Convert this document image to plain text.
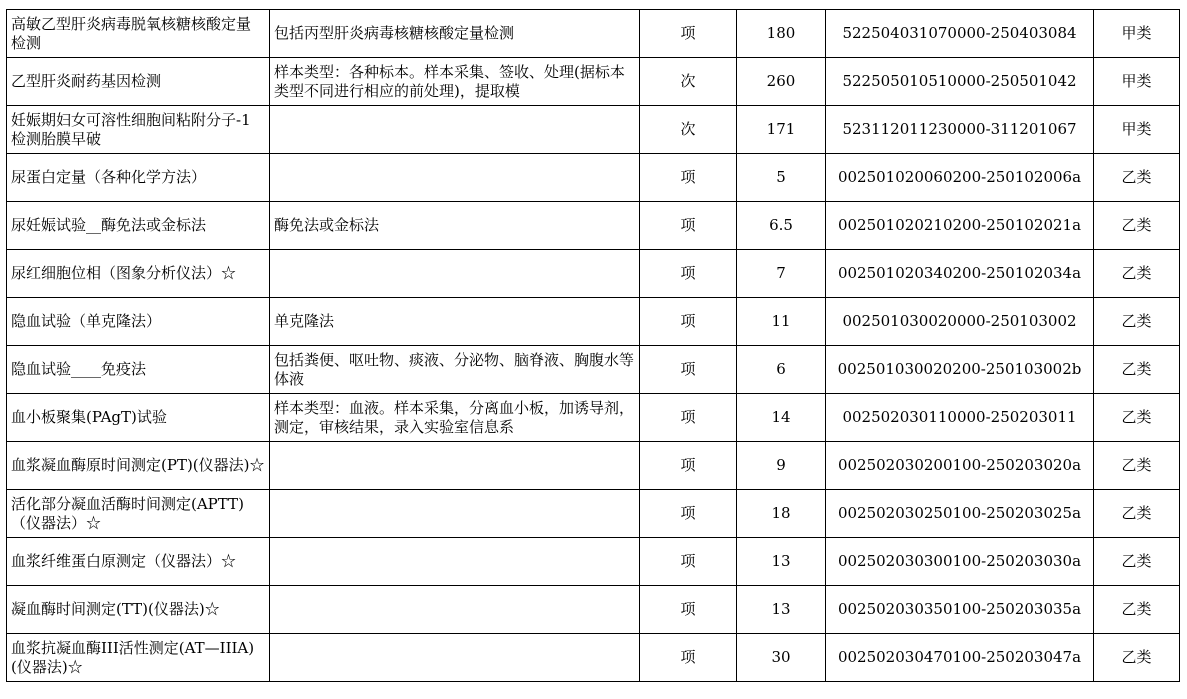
高敏乙型肝炎病毒脱氧核糖核酸定量检测	包括丙型肝炎病毒核糖核酸定量检测	项	180	522504031070000-250403084	甲类

乙型肝炎耐药基因检测	样本类型：各种标本。样本采集、签收、处理(据标本类型不同进行相应的前处理)，提取模	次	260	522505010510000-250501042	甲类

妊娠期妇女可溶性细胞间粘附分子-1检测胎膜早破		次	171	523112011230000-311201067	甲类

尿蛋白定量（各种化学方法）		项	5	002501020060200-250102006a	乙类

尿妊娠试验__酶免法或金标法	酶免法或金标法	项	6.5	002501020210200-250102021a	乙类

尿红细胞位相（图象分析仪法）☆		项	7	002501020340200-250102034a	乙类

隐血试验（单克隆法）	单克隆法	项	11	002501030020000-250103002	乙类

隐血试验____免疫法	包括粪便、呕吐物、痰液、分泌物、脑脊液、胸腹水等体液	项	6	002501030020200-250103002b	乙类

血小板聚集(PAgT)试验	样本类型：血液。样本采集，分离血小板，加诱导剂，测定，审核结果，录入实验室信息系	项	14	002502030110000-250203011	乙类

血浆凝血酶原时间测定(PT)(仪器法)☆		项	9	002502030200100-250203020a	乙类

活化部分凝血活酶时间测定(APTT)（仪器法）☆		项	18	002502030250100-250203025a	乙类

血浆纤维蛋白原测定（仪器法）☆		项	13	002502030300100-250203030a	乙类

凝血酶时间测定(TT)(仪器法)☆		项	13	002502030350100-250203035a	乙类

血浆抗凝血酶III活性测定(AT—IIIA)(仪器法)☆		项	30	002502030470100-250203047a	乙类
